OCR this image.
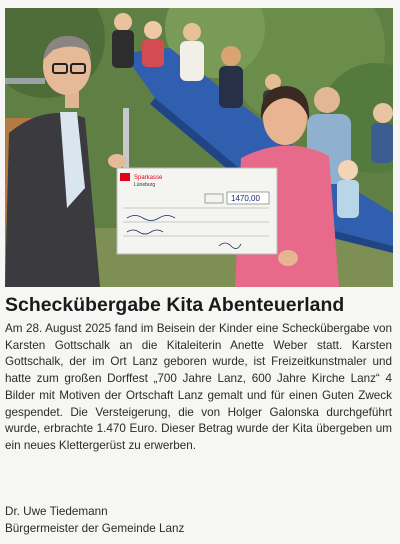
Sparkasse
Lüneburg
1470,00
Scheckübergabe Kita Abenteuerland
Am 28. August 2025 fand im Beisein der Kinder eine Scheckübergabe von Karsten Gottschalk an die Kitaleiterin Anette Weber statt. Karsten Gottschalk, der im Ort Lanz geboren wurde, ist Freizeitkunstmaler und hatte zum großen Dorffest „700 Jahre Lanz, 600 Jahre Kirche Lanz“ 4 Bilder mit Motiven der Ortschaft Lanz gemalt und für einen Guten Zweck gespendet. Die Versteigerung, die von Holger Galonska durchgeführt wurde, erbrachte 1.470 Euro. Dieser Betrag wurde der Kita übergeben um ein neues Klettergerüst zu erwerben.
Dr. Uwe Tiedemann
Bürgermeister der Gemeinde Lanz
